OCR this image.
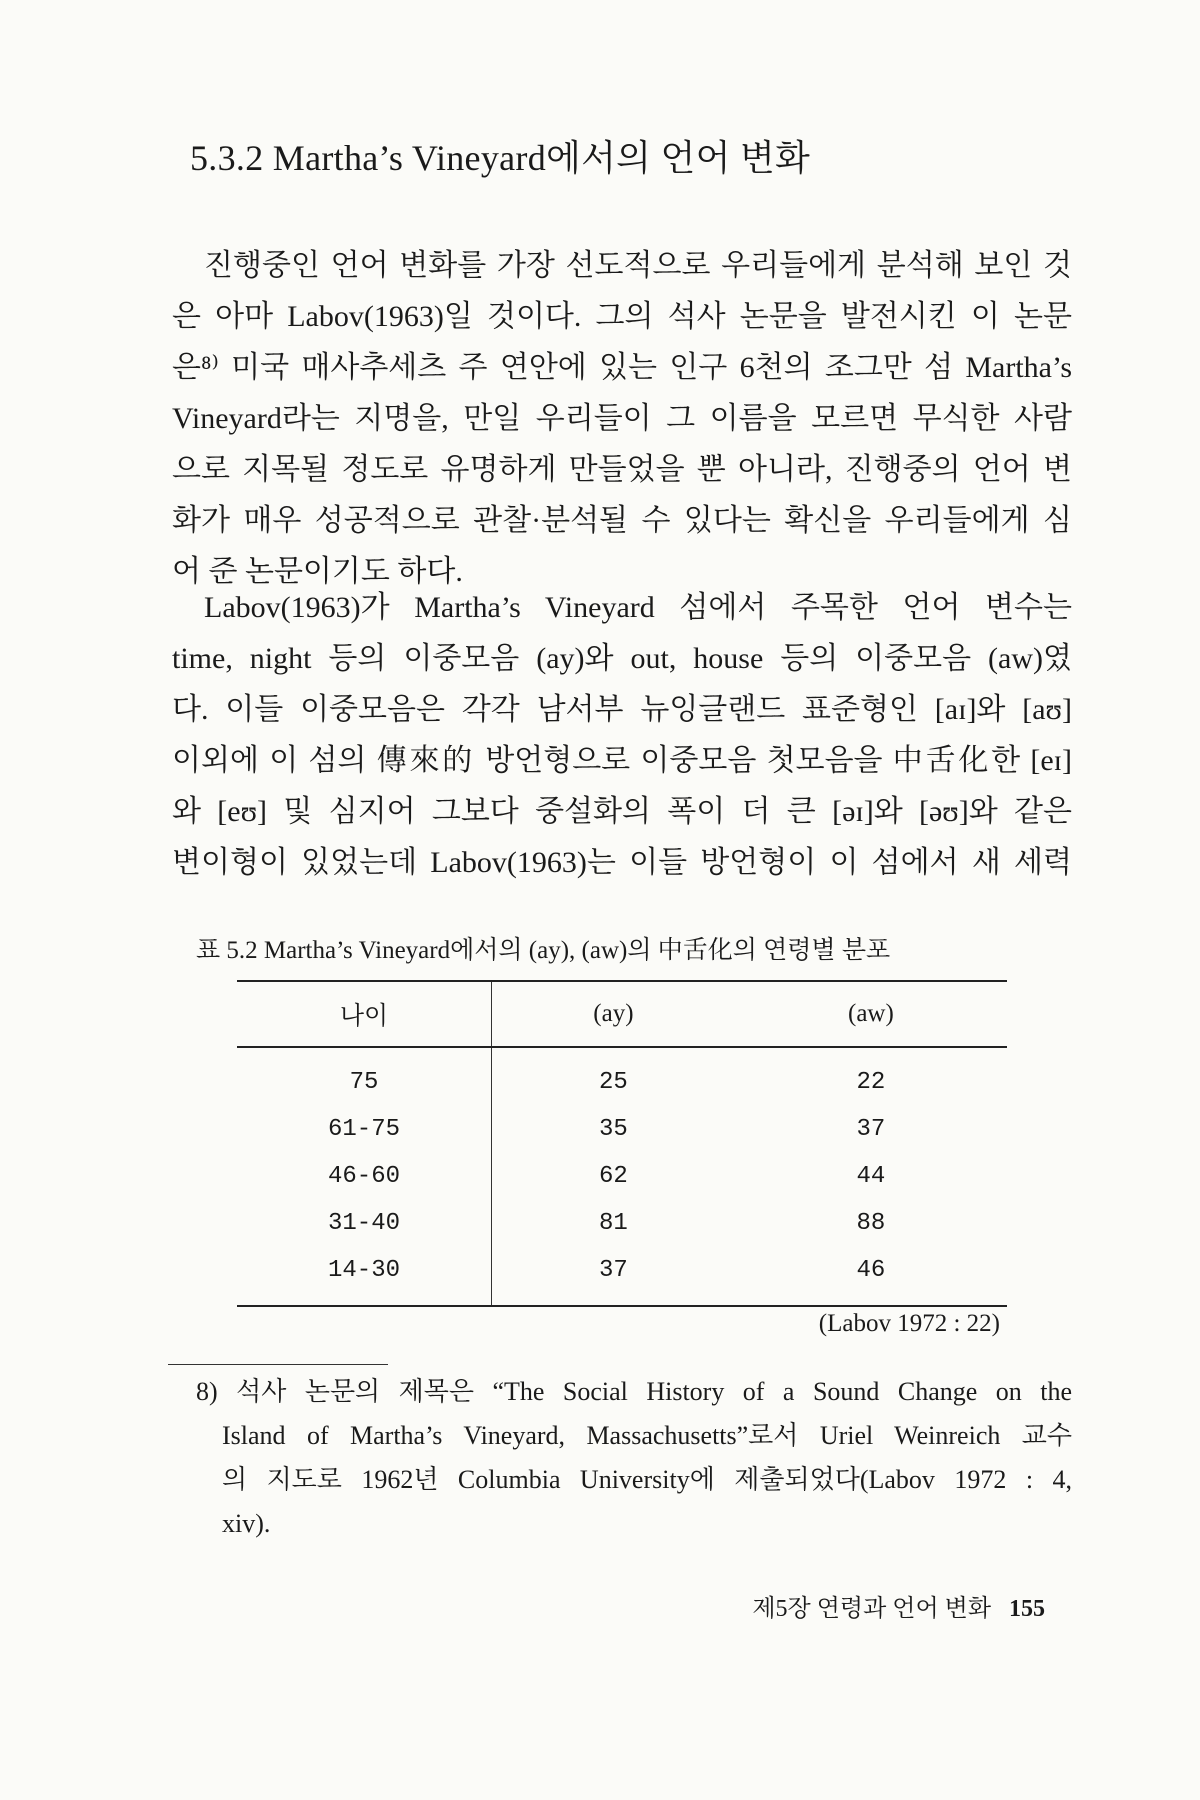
5.3.2 Martha’s Vineyard에서의 언어 변화
진행중인 언어 변화를 가장 선도적으로 우리들에게 분석해 보인 것
은 아마 Labov(1963)일 것이다. 그의 석사 논문을 발전시킨 이 논문
은⁸⁾ 미국 매사추세츠 주 연안에 있는 인구 6천의 조그만 섬 Martha’s
Vineyard라는 지명을, 만일 우리들이 그 이름을 모르면 무식한 사람
으로 지목될 정도로 유명하게 만들었을 뿐 아니라, 진행중의 언어 변
화가 매우 성공적으로 관찰·분석될 수 있다는 확신을 우리들에게 심
어 준 논문이기도 하다.
Labov(1963)가 Martha’s Vineyard 섬에서 주목한 언어 변수는
time, night 등의 이중모음 (ay)와 out, house 등의 이중모음 (aw)였
다. 이들 이중모음은 각각 남서부 뉴잉글랜드 표준형인 [aɪ]와 [aʊ]
이외에 이 섬의 傳來的 방언형으로 이중모음 첫모음을 中舌化한 [eɪ]
와 [eʊ] 및 심지어 그보다 중설화의 폭이 더 큰 [əɪ]와 [əʊ]와 같은
변이형이 있었는데 Labov(1963)는 이들 방언형이 이 섬에서 새 세력
표 5.2 Martha’s Vineyard에서의 (ay), (aw)의 中舌化의 연령별 분포
나이	(ay)	(aw)
75	25	22
61-75	35	37
46-60	62	44
31-40	81	88
14-30	37	46
(Labov 1972 : 22)
8) 석사 논문의 제목은 “The Social History of a Sound Change on the
Island of Martha’s Vineyard, Massachusetts”로서 Uriel Weinreich 교수
의 지도로 1962년 Columbia University에 제출되었다(Labov 1972 : 4,
xiv).
제5장 연령과 언어 변화 155
